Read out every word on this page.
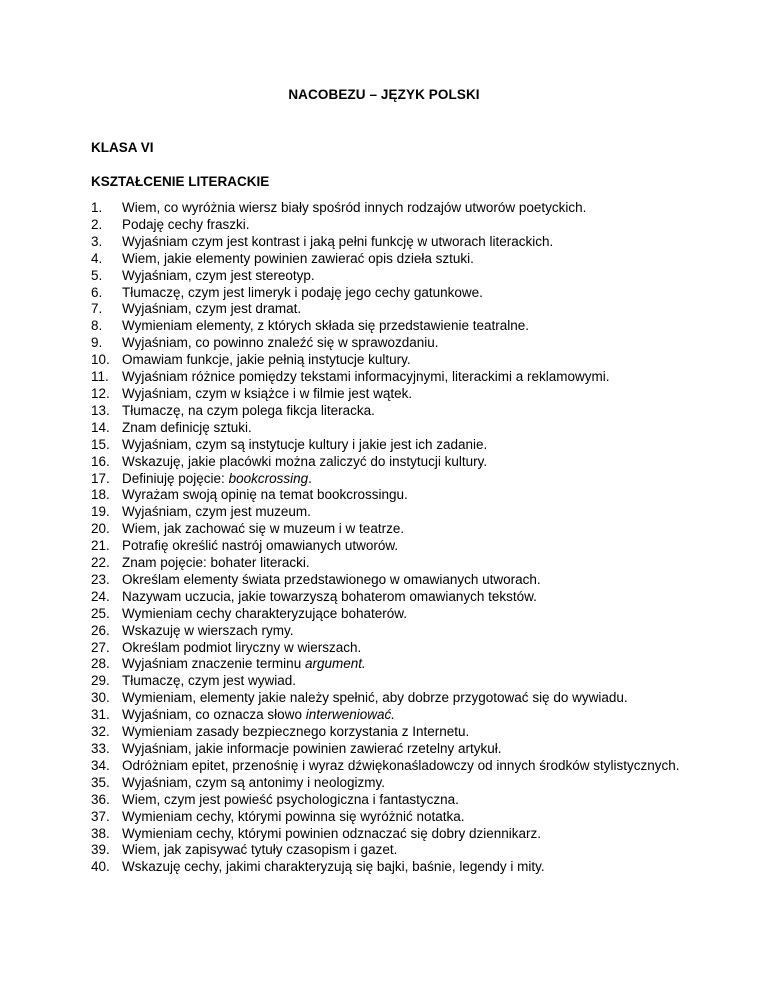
NACOBEZU – JĘZYK POLSKI
KLASA VI
KSZTAŁCENIE LITERACKIE
1.	Wiem, co wyróżnia wiersz biały spośród innych rodzajów utworów poetyckich.
2.	Podaję cechy fraszki.
3.	Wyjaśniam czym jest kontrast i jaką pełni funkcję w utworach literackich.
4.	Wiem, jakie elementy powinien zawierać opis dzieła sztuki.
5.	Wyjaśniam, czym jest stereotyp.
6.	Tłumaczę, czym jest limeryk i podaję jego cechy gatunkowe.
7.	Wyjaśniam, czym jest dramat.
8.	Wymieniam elementy, z których składa się przedstawienie teatralne.
9.	Wyjaśniam, co powinno znaleźć się w sprawozdaniu.
10. Omawiam funkcje, jakie pełnią instytucje kultury.
11. Wyjaśniam różnice pomiędzy tekstami informacyjnymi, literackimi a reklamowymi.
12. Wyjaśniam, czym w książce i w filmie jest wątek.
13. Tłumaczę, na czym polega fikcja literacka.
14. Znam definicję sztuki.
15. Wyjaśniam, czym są instytucje kultury i jakie jest ich zadanie.
16. Wskazuję, jakie placówki można zaliczyć do instytucji kultury.
17. Definiuję pojęcie: bookcrossing.
18. Wyrażam swoją opinię na temat bookcrossingu.
19. Wyjaśniam, czym jest muzeum.
20. Wiem, jak zachować się w muzeum i w teatrze.
21. Potrafię określić nastrój omawianych utworów.
22. Znam pojęcie: bohater literacki.
23. Określam elementy świata przedstawionego w omawianych utworach.
24. Nazywam uczucia, jakie towarzyszą bohaterom omawianych tekstów.
25. Wymieniam cechy charakteryzujące bohaterów.
26. Wskazuję w wierszach rymy.
27. Określam podmiot liryczny w wierszach.
28. Wyjaśniam znaczenie terminu argument.
29. Tłumaczę, czym jest wywiad.
30. Wymieniam, elementy jakie należy spełnić, aby dobrze przygotować się do wywiadu.
31. Wyjaśniam, co oznacza słowo interweniować.
32. Wymieniam zasady bezpiecznego korzystania z Internetu.
33. Wyjaśniam, jakie informacje powinien zawierać rzetelny artykuł.
34. Odróżniam epitet, przenośnię i wyraz dźwiękonaśladowczy od innych środków stylistycznych.
35. Wyjaśniam, czym są antonimy i neologizmy.
36. Wiem, czym jest powieść psychologiczna i fantastyczna.
37. Wymieniam cechy, którymi powinna się wyróżnić notatka.
38. Wymieniam cechy, którymi powinien odznaczać się dobry dziennikarz.
39. Wiem, jak zapisywać tytuły czasopism i gazet.
40. Wskazuję cechy, jakimi charakteryzują się bajki, baśnie, legendy i mity.
